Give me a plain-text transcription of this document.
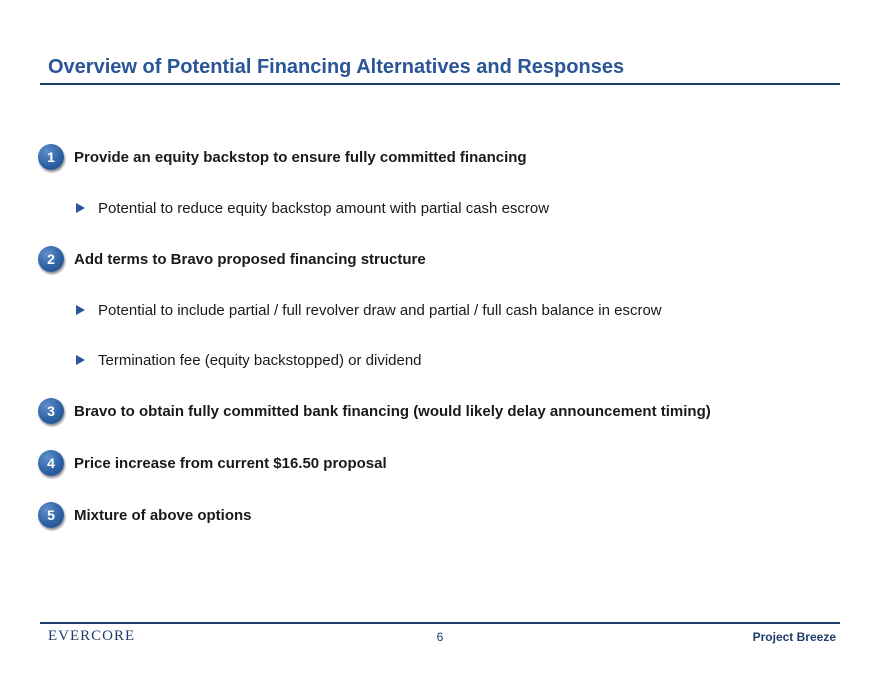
Overview of Potential Financing Alternatives and Responses
1	Provide an equity backstop to ensure fully committed financing
Potential to reduce equity backstop amount with partial cash escrow
2	Add terms to Bravo proposed financing structure
Potential to include partial / full revolver draw and partial / full cash balance in escrow
Termination fee (equity backstopped) or dividend
3	Bravo to obtain fully committed bank financing (would likely delay announcement timing)
4	Price increase from current $16.50 proposal
5	Mixture of above options
EVERCORE	6	Project Breeze
